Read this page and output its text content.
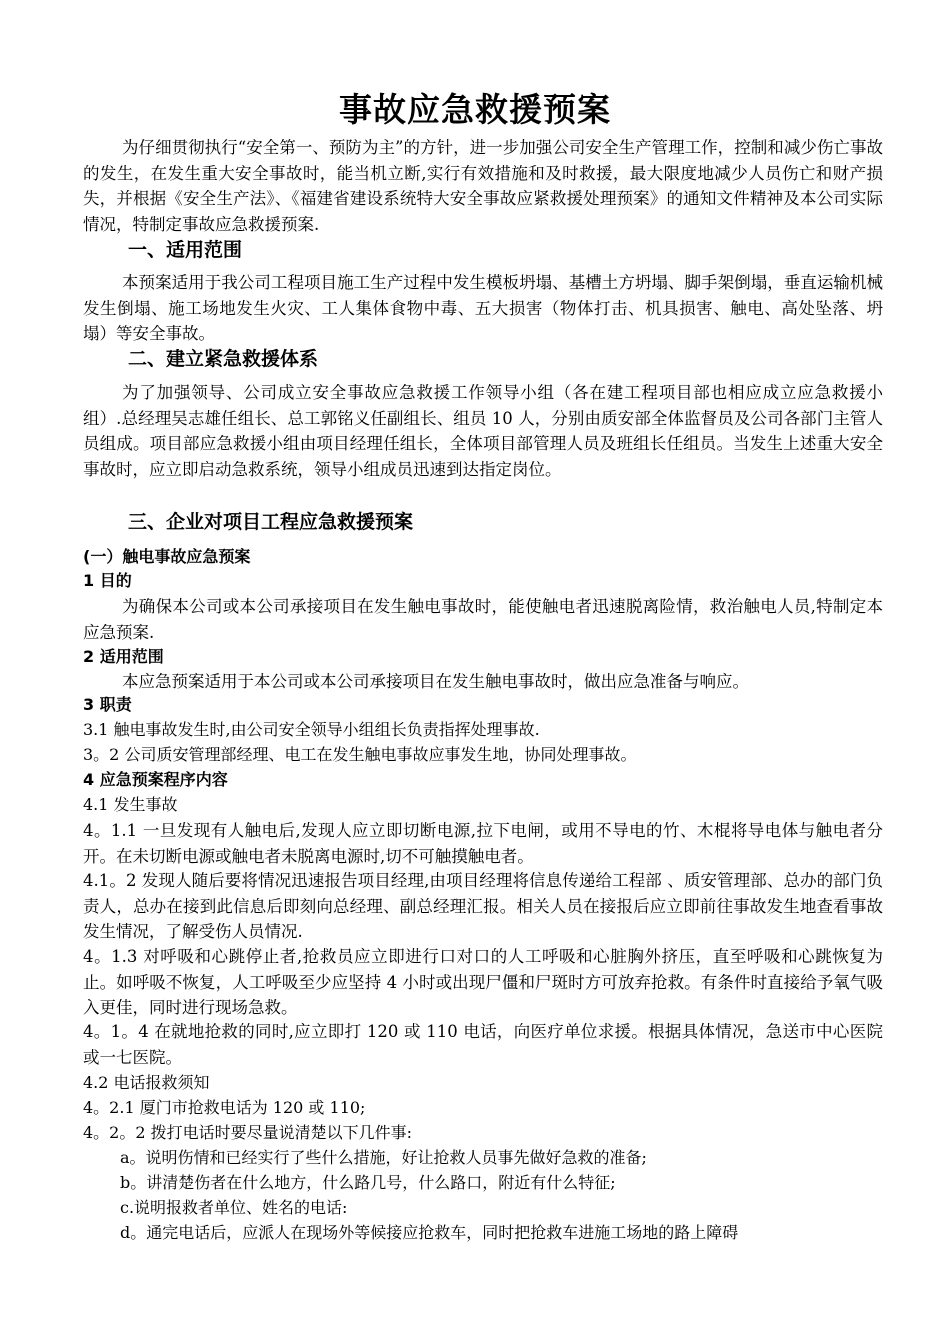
事故应急救援预案

为仔细贯彻执行“安全第一、预防为主”的方针，进一步加强公司安全生产管理工作，控制和减少伤亡事故的发生，在发生重大安全事故时，能当机立断,实行有效措施和及时救援，最大限度地减少人员伤亡和财产损失，并根据《安全生产法》、《福建省建设系统特大安全事故应紧救援处理预案》的通知文件精神及本公司实际情况，特制定事故应急救援预案.

一、适用范围

本预案适用于我公司工程项目施工生产过程中发生模板坍塌、基槽土方坍塌、脚手架倒塌，垂直运输机械发生倒塌、施工场地发生火灾、工人集体食物中毒、五大损害（物体打击、机具损害、触电、高处坠落、坍塌）等安全事故。

二、建立紧急救援体系

为了加强领导、公司成立安全事故应急救援工作领导小组（各在建工程项目部也相应成立应急救援小组）.总经理吴志雄任组长、总工郭铭义任副组长、组员 10 人，分别由质安部全体监督员及公司各部门主管人员组成。项目部应急救援小组由项目经理任组长，全体项目部管理人员及班组长任组员。当发生上述重大安全事故时，应立即启动急救系统，领导小组成员迅速到达指定岗位。

三、企业对项目工程应急救援预案
(一）触电事故应急预案
1 目的

为确保本公司或本公司承接项目在发生触电事故时，能使触电者迅速脱离险情，救治触电人员,特制定本应急预案.

2 适用范围

本应急预案适用于本公司或本公司承接项目在发生触电事故时，做出应急准备与响应。

3 职责

3.1 触电事故发生时,由公司安全领导小组组长负责指挥处理事故.

3。2 公司质安管理部经理、电工在发生触电事故应事发生地，协同处理事故。

4 应急预案程序内容

4.1 发生事故

4。1.1 一旦发现有人触电后,发现人应立即切断电源,拉下电闸，或用不导电的竹、木棍将导电体与触电者分开。在未切断电源或触电者未脱离电源时,切不可触摸触电者。

4.1。2 发现人随后要将情况迅速报告项目经理,由项目经理将信息传递给工程部 、质安管理部、总办的部门负责人，总办在接到此信息后即刻向总经理、副总经理汇报。相关人员在接报后应立即前往事故发生地查看事故发生情况，了解受伤人员情况.

4。1.3 对呼吸和心跳停止者,抢救员应立即进行口对口的人工呼吸和心脏胸外挤压，直至呼吸和心跳恢复为止。如呼吸不恢复，人工呼吸至少应坚持 4 小时或出现尸僵和尸斑时方可放弃抢救。有条件时直接给予氧气吸入更佳，同时进行现场急救。

4。1。4 在就地抢救的同时,应立即打 120 或 110 电话，向医疗单位求援。根据具体情况，急送市中心医院或一七医院。

4.2 电话报救须知

4。2.1 厦门市抢救电话为 120 或 110;

4。2。2 拨打电话时要尽量说清楚以下几件事:

a。说明伤情和已经实行了些什么措施，好让抢救人员事先做好急救的准备;

b。讲清楚伤者在什么地方，什么路几号，什么路口，附近有什么特征;

c.说明报救者单位、姓名的电话:

d。通完电话后，应派人在现场外等候接应抢救车，同时把抢救车进施工场地的路上障碍
